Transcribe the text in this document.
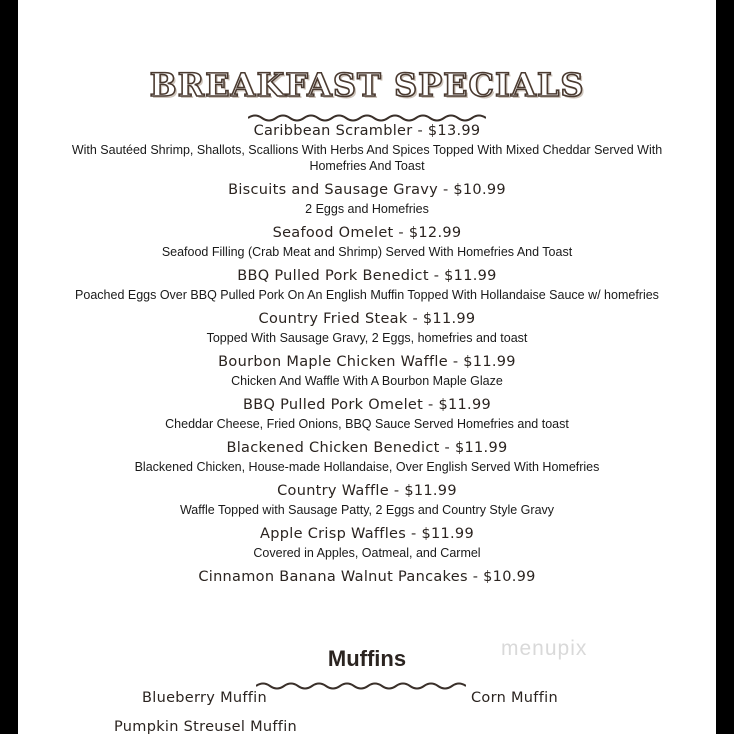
BREAKFAST SPECIALS
Caribbean Scrambler - $13.99
With Sautéed Shrimp, Shallots, Scallions With Herbs And Spices Topped With Mixed Cheddar Served With Homefries And Toast
Biscuits and Sausage Gravy - $10.99
2 Eggs and Homefries
Seafood Omelet - $12.99
Seafood Filling (Crab Meat and Shrimp) Served With Homefries And Toast
BBQ Pulled Pork Benedict - $11.99
Poached Eggs Over BBQ Pulled Pork On An English Muffin Topped With Hollandaise Sauce w/ homefries
Country Fried Steak - $11.99
Topped With Sausage Gravy, 2 Eggs, homefries and toast
Bourbon Maple Chicken Waffle - $11.99
Chicken And Waffle With A Bourbon Maple Glaze
BBQ Pulled Pork Omelet - $11.99
Cheddar Cheese, Fried Onions, BBQ Sauce Served Homefries and toast
Blackened Chicken Benedict - $11.99
Blackened Chicken, House-made Hollandaise, Over English Served With Homefries
Country Waffle - $11.99
Waffle Topped with Sausage Patty, 2 Eggs and Country Style Gravy
Apple Crisp Waffles - $11.99
Covered in Apples, Oatmeal, and Carmel
Cinnamon Banana Walnut Pancakes - $10.99
Muffins
Blueberry Muffin	Corn Muffin
Pumpkin Streusel Muffin
menupix
